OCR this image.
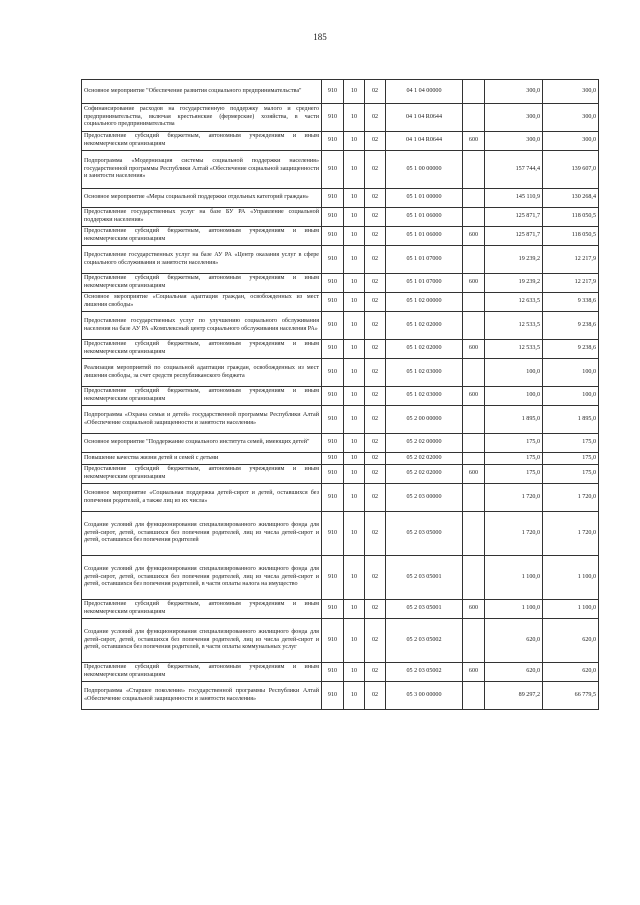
185
Основное мероприятие "Обеспечение развития социального предпринимательства"	910	10	02	04 1 04 00000		300,0	300,0
Софинансирование расходов на государственную поддержку малого и среднего предпринимательства, включая крестьянские (фермерские) хозяйства, в части социального предпринимательства	910	10	02	04 1 04 R0644		300,0	300,0
Предоставление субсидий бюджетным, автономным учреждениям и иным некоммерческим организациям	910	10	02	04 1 04 R0644	600	300,0	300,0
Подпрограмма «Модернизация системы социальной поддержки населения» государственной программы Республики Алтай «Обеспечение социальной защищенности и занятости населения»	910	10	02	05 1 00 00000		157 744,4	139 607,0
Основное мероприятие «Меры социальной поддержки отдельных категорий граждан»	910	10	02	05 1 01 00000		145 110,9	130 268,4
Предоставление государственных услуг на базе БУ РА «Управление социальной поддержки населения»	910	10	02	05 1 01 06000		125 871,7	118 050,5
Предоставление субсидий бюджетным, автономным учреждениям и иным некоммерческим организациям	910	10	02	05 1 01 06000	600	125 871,7	118 050,5
Предоставление государственных услуг на базе АУ РА «Центр оказания услуг в сфере социального обслуживания и занятости населения»	910	10	02	05 1 01 07000		19 239,2	12 217,9
Предоставление субсидий бюджетным, автономным учреждениям и иным некоммерческим организациям	910	10	02	05 1 01 07000	600	19 239,2	12 217,9
Основное мероприятие «Социальная адаптация граждан, освобожденных из мест лишения свободы»	910	10	02	05 1 02 00000		12 633,5	9 338,6
Предоставление государственных услуг по улучшению социального обслуживания населения на базе АУ РА «Комплексный центр социального обслуживания населения РА»	910	10	02	05 1 02 02000		12 533,5	9 238,6
Предоставление субсидий бюджетным, автономным учреждениям и иным некоммерческим организациям	910	10	02	05 1 02 02000	600	12 533,5	9 238,6
Реализация мероприятий по социальной адаптации граждан, освобожденных из мест лишения свободы, за счет средств республиканского бюджета	910	10	02	05 1 02 03000		100,0	100,0
Предоставление субсидий бюджетным, автономным учреждениям и иным некоммерческим организациям	910	10	02	05 1 02 03000	600	100,0	100,0
Подпрограмма «Охрана семьи и детей» государственной программы Республики Алтай «Обеспечение социальной защищенности и занятости населения»	910	10	02	05 2 00 00000		1 895,0	1 895,0
Основное мероприятие "Поддержание социального института семей, имеющих детей"	910	10	02	05 2 02 00000		175,0	175,0
Повышение качества жизни детей и семей с детьми	910	10	02	05 2 02 02000		175,0	175,0
Предоставление субсидий бюджетным, автономным учреждениям и иным некоммерческим организациям	910	10	02	05 2 02 02000	600	175,0	175,0
Основное мероприятие «Социальная поддержка детей-сирот и детей, оставшихся без попечения родителей, а также лиц из их числа»	910	10	02	05 2 03 00000		1 720,0	1 720,0
Создание условий для функционирования специализированного жилищного фонда для детей-сирот, детей, оставшихся без попечения родителей, лиц из числа детей-сирот и детей, оставшихся без попечения родителей	910	10	02	05 2 03 05000		1 720,0	1 720,0
Создание условий для функционирования специализированного жилищного фонда для детей-сирот, детей, оставшихся без попечения родителей, лиц из числа детей-сирот и детей, оставшихся без попечения родителей, в части оплаты налога на имущество	910	10	02	05 2 03 05001		1 100,0	1 100,0
Предоставление субсидий бюджетным, автономным учреждениям и иным некоммерческим организациям	910	10	02	05 2 03 05001	600	1 100,0	1 100,0
Создание условий для функционирования специализированного жилищного фонда для детей-сирот, детей, оставшихся без попечения родителей, лиц из числа детей-сирот и детей, оставшихся без попечения родителей, в части оплаты коммунальных услуг	910	10	02	05 2 03 05002		620,0	620,0
Предоставление субсидий бюджетным, автономным учреждениям и иным некоммерческим организациям	910	10	02	05 2 03 05002	600	620,0	620,0
Подпрограмма «Старшее поколение» государственной программы Республики Алтай «Обеспечение социальной защищенности и занятости населения»	910	10	02	05 3 00 00000		89 297,2	66 779,5
